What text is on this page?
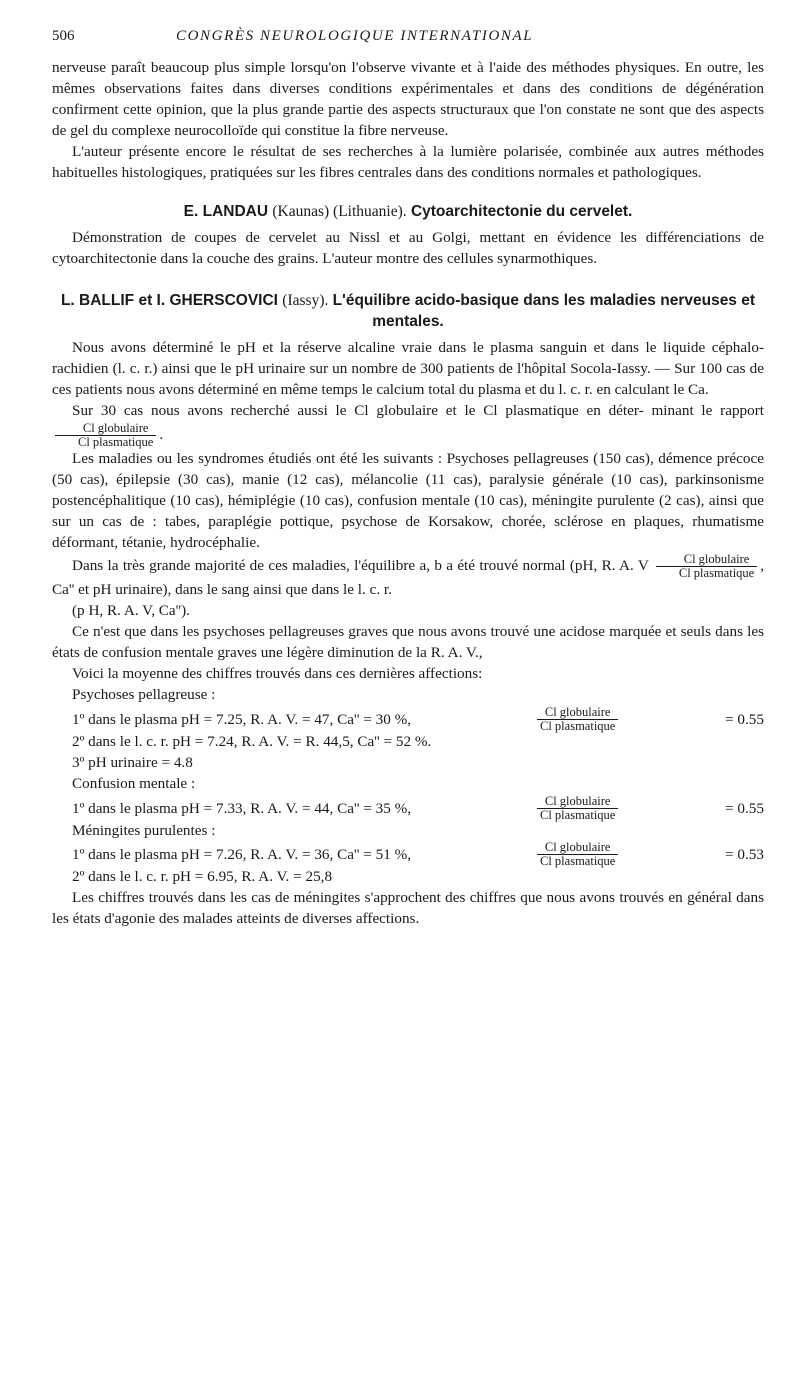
506	CONGRÈS NEUROLOGIQUE INTERNATIONAL

nerveuse paraît beaucoup plus simple lorsqu'on l'observe vivante et à l'aide des méthodes physiques. En outre, les mêmes observations faites dans diverses conditions expérimentales et dans des conditions de dégénération confirment cette opinion, que la plus grande partie des aspects structuraux que l'on constate ne sont que des aspects de gel du complexe neurocolloïde qui constitue la fibre nerveuse.

L'auteur présente encore le résultat de ses recherches à la lumière polarisée, combinée aux autres méthodes habituelles histologiques, pratiquées sur les fibres centrales dans des conditions normales et pathologiques.

E. LANDAU (Kaunas) (Lithuanie). Cytoarchitectonie du cervelet.

Démonstration de coupes de cervelet au Nissl et au Golgi, mettant en évidence les différenciations de cytoarchitectonie dans la couche des grains. L'auteur montre des cellules synarmothiques.

L. BALLIF et I. GHERSCOVICI (Iassy). L'équilibre acido-basique dans les maladies nerveuses et mentales.

Nous avons déterminé le pH et la réserve alcaline vraie dans le plasma sanguin et dans le liquide céphalo-rachidien (l. c. r.) ainsi que le pH urinaire sur un nombre de 300 patients de l'hôpital Socola-Iassy. — Sur 100 cas de ces patients nous avons déterminé en même temps le calcium total du plasma et du l. c. r. en calculant le Ca.

Sur 30 cas nous avons recherché aussi le Cl globulaire et le Cl plasmatique en déter- minant le rapport
$\frac{\text{Cl globulaire}}{\text{Cl plasmatique}}$ .

Les maladies ou les syndromes étudiés ont été les suivants : Psychoses pellagreuses (150 cas), démence précoce (50 cas), épilepsie (30 cas), manie (12 cas), mélancolie (11 cas), paralysie générale (10 cas), parkinsonisme postencéphalitique (10 cas), hémiplégie (10 cas), confusion mentale (10 cas), méningite purulente (2 cas), ainsi que sur un cas de : tabes, paraplégie pottique, psychose de Korsakow, chorée, sclérose en plaques, rhumatisme déformant, tétanie, hydrocéphalie.

Dans la très grande majorité de ces maladies, l'équilibre a, b a été trouvé normal (pH, R. A. V $\frac{\text{Cl globulaire}}{\text{Cl plasmatique}}$ , Ca'' et pH urinaire), dans le sang ainsi que dans le l. c. r.
(p H, R. A. V, Ca'').

Ce n'est que dans les psychoses pellagreuses graves que nous avons trouvé une acidose marquée et seuls dans les états de confusion mentale graves une légère diminution de la R. A. V.,

Voici la moyenne des chiffres trouvés dans ces dernières affections:

Psychoses pellagreuse :
1º dans le plasma pH = 7.25, R. A. V. = 47, Ca'' = 30 %,	Cl globulaire
Cl plasmatique	= 0.55
2º dans le l. c. r. pH = 7.24, R. A. V. = R. 44,5, Ca'' = 52 %.
3º pH urinaire = 4.8
Confusion mentale :
1º dans le plasma pH = 7.33, R. A. V. = 44, Ca'' = 35 %,	Cl globulaire
Cl plasmatique	= 0.55
Méningites purulentes :
1º dans le plasma pH = 7.26, R. A. V. = 36, Ca'' = 51 %,	Cl globulaire
Cl plasmatique	= 0.53
2º dans le l. c. r. pH = 6.95, R. A. V. = 25,8

Les chiffres trouvés dans les cas de méningites s'approchent des chiffres que nous avons trouvés en général dans les états d'agonie des malades atteints de diverses affections.
